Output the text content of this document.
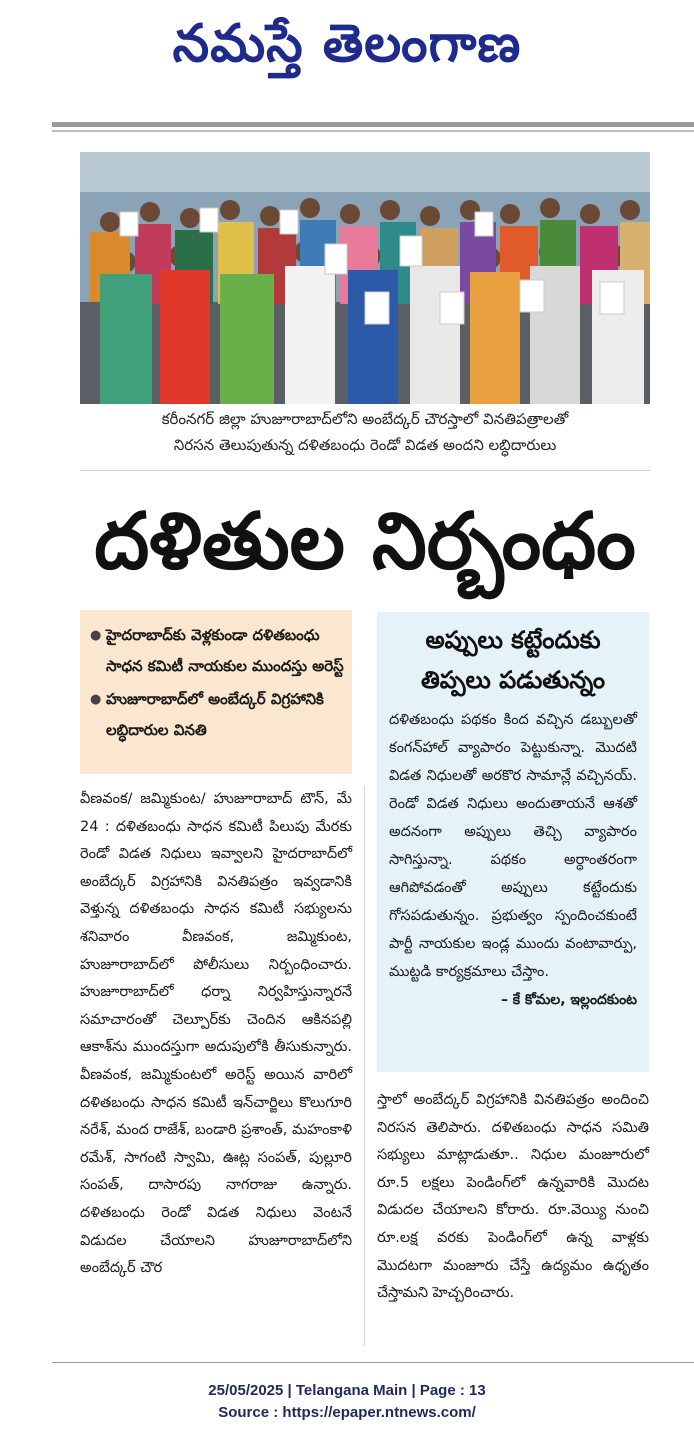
నమస్తే తెలంగాణ
కరీంనగర్ జిల్లా హుజూరాబాద్‌లోని అంబేద్కర్ చౌరస్తాలో వినతిపత్రాలతో
నిరసన తెలుపుతున్న దళితబంధు రెండో విడత అందని లబ్ధిదారులు
దళితుల నిర్బంధం
● హైదరాబాద్‌కు వెళ్లకుండా దళితబంధు సాధన కమిటీ నాయకుల ముందస్తు అరెస్ట్
● హుజూరాబాద్‌లో అంబేద్కర్ విగ్రహానికి లబ్ధిదారుల వినతి
అప్పులు కట్టేందుకు
తిప్పలు పడుతున్నం
దళితబంధు పథకం కింద వచ్చిన డబ్బులతో కంగన్‌హాల్ వ్యాపారం పెట్టుకున్నా. మొదటి విడత నిధులతో అరకొర సామాన్లే వచ్చినయ్. రెండో విడత నిధులు అందుతాయనే ఆశతో అదనంగా అప్పులు తెచ్చి వ్యాపారం సాగిస్తున్నా. పథకం అర్ధాంతరంగా ఆగిపోవడంతో అప్పులు కట్టేందుకు గోసపడుతున్నం. ప్రభుత్వం స్పందించకుంటే పార్టీ నాయకుల ఇండ్ల ముందు వంటావార్పు, ముట్టడి కార్యక్రమాలు చేస్తాం.
– కే కోమల, ఇల్లందకుంట
వీణవంక/ జమ్మికుంట/ హుజూరాబాద్ టౌన్, మే 24 : దళితబంధు సాధన కమిటీ పిలుపు మేరకు రెండో విడత నిధులు ఇవ్వాలని హైదరాబాద్‌లో అంబేద్కర్ విగ్రహానికి వినతిపత్రం ఇవ్వడానికి వెళ్తున్న దళితబంధు సాధన కమిటీ సభ్యులను శనివారం వీణవంక, జమ్మికుంట, హుజూరాబాద్‌లో పోలీసులు నిర్బంధించారు. హుజూరాబాద్‌లో ధర్నా నిర్వహిస్తున్నారనే సమాచారంతో చెల్పూర్‌కు చెందిన ఆకినపల్లి ఆకాశ్‌ను ముందస్తుగా అదుపులోకి తీసుకున్నారు. వీణవంక, జమ్మికుంటలో అరెస్ట్ అయిన వారిలో దళితబంధు సాధన కమిటీ ఇన్‌చార్జిలు కొలుగూరి నరేశ్, మంద రాజేశ్, బండారి ప్రశాంత్, మహంకాళి రమేశ్, సాగంటి స్వామి, ఊట్ల సంపత్, పుల్లూరి సంపత్, దాసారపు నాగరాజు ఉన్నారు. దళితబంధు రెండో విడత నిధులు వెంటనే విడుదల చేయాలని హుజూరాబాద్‌లోని అంబేద్కర్ చౌర
స్తాలో అంబేద్కర్ విగ్రహానికి వినతిపత్రం అందించి నిరసన తెలిపారు. దళితబంధు సాధన సమితి సభ్యులు మాట్లాడుతూ.. నిధుల మంజూరులో రూ.5 లక్షలు పెండింగ్‌లో ఉన్నవారికి మొదట విడుదల చేయాలని కోరారు. రూ.వెయ్యి నుంచి రూ.లక్ష వరకు పెండింగ్‌లో ఉన్న వాళ్లకు మొదటగా మంజూరు చేస్తే ఉద్యమం ఉధృతం చేస్తామని హెచ్చరించారు.
25/05/2025 | Telangana Main | Page : 13
Source : https://epaper.ntnews.com/
